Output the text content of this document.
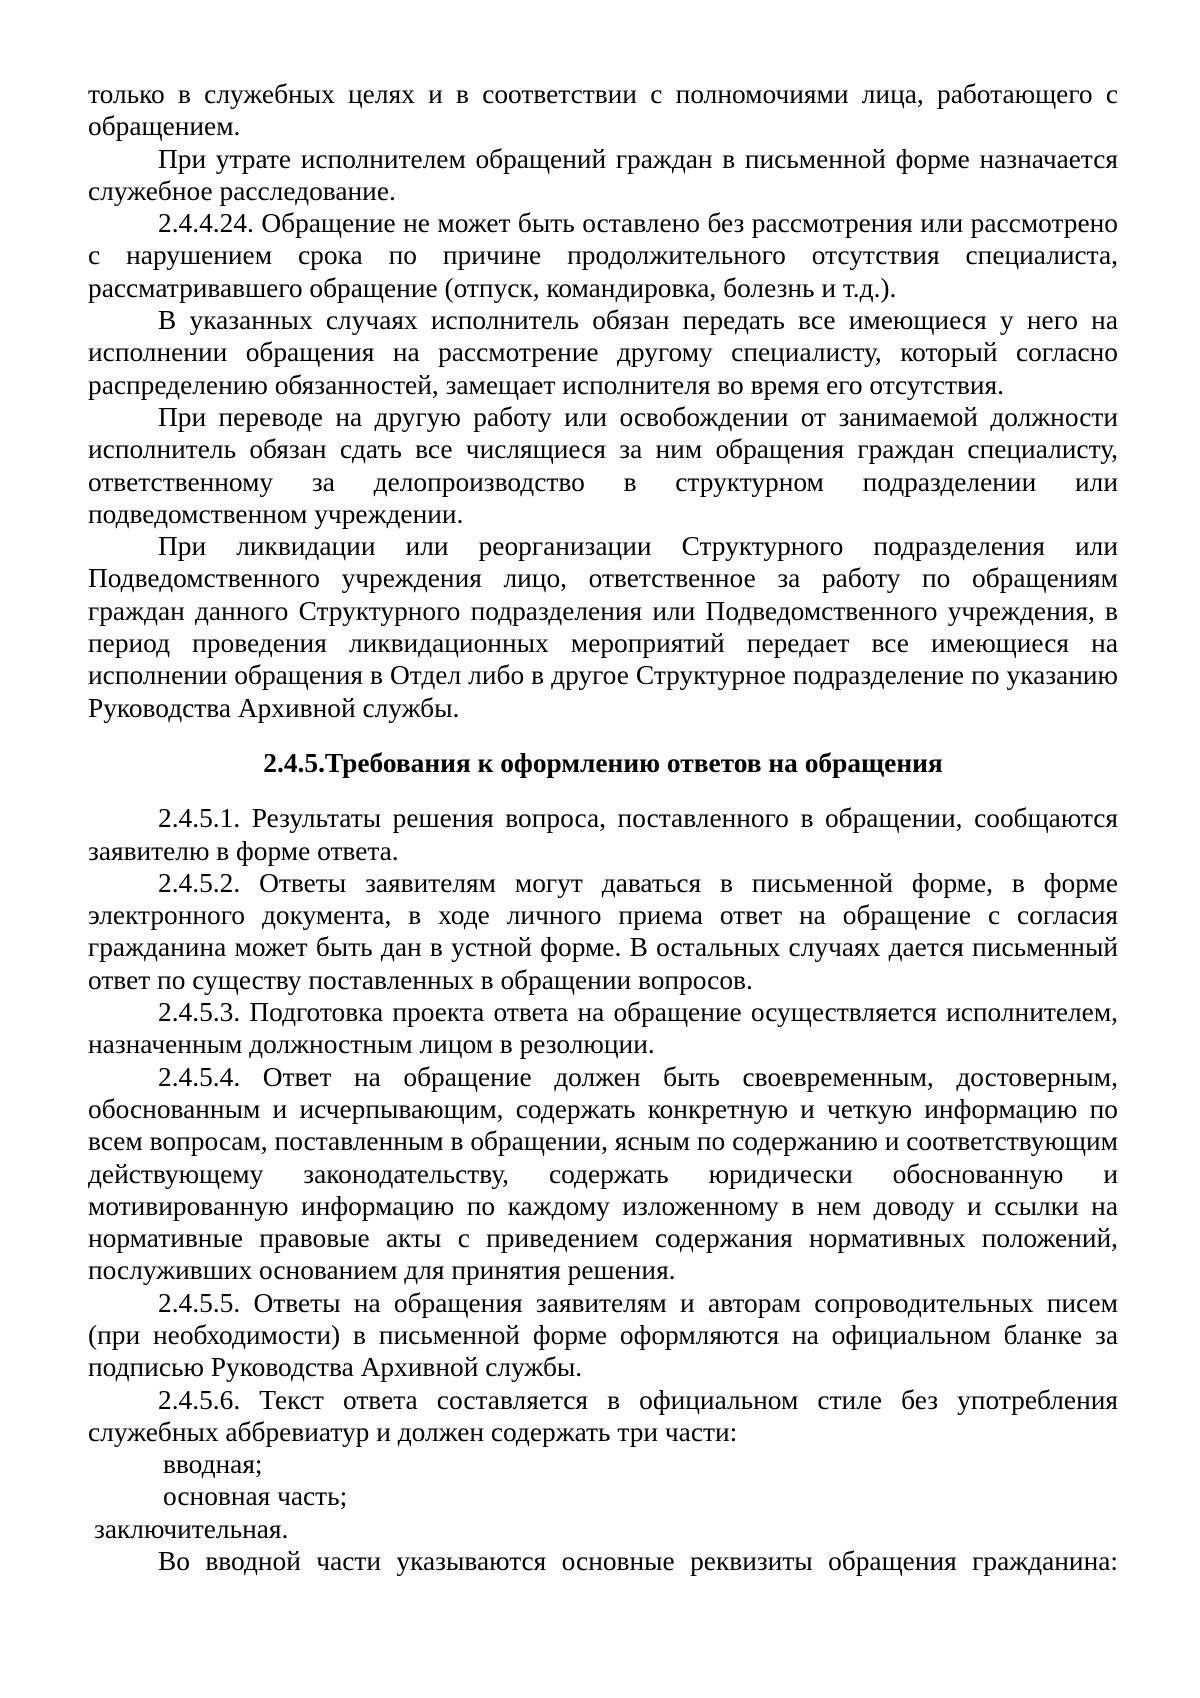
только в служебных целях и в соответствии с полномочиями лица, работающего с обращением.

При утрате исполнителем обращений граждан в письменной форме назначается служебное расследование.

2.4.4.24. Обращение не может быть оставлено без рассмотрения или рассмотрено с нарушением срока по причине продолжительного отсутствия специалиста, рассматривавшего обращение (отпуск, командировка, болезнь и т.д.).

В указанных случаях исполнитель обязан передать все имеющиеся у него на исполнении обращения на рассмотрение другому специалисту, который согласно распределению обязанностей, замещает исполнителя во время его отсутствия.

При переводе на другую работу или освобождении от занимаемой должности исполнитель обязан сдать все числящиеся за ним обращения граждан специалисту, ответственному за делопроизводство в структурном подразделении или подведомственном учреждении.

При ликвидации или реорганизации Структурного подразделения или Подведомственного учреждения лицо, ответственное за работу по обращениям граждан данного Структурного подразделения или Подведомственного учреждения, в период проведения ликвидационных мероприятий передает все имеющиеся на исполнении обращения в Отдел либо в другое Структурное подразделение по указанию Руководства Архивной службы.

2.4.5.Требования к оформлению ответов на обращения

2.4.5.1. Результаты решения вопроса, поставленного в обращении, сообщаются заявителю в форме ответа.

2.4.5.2. Ответы заявителям могут даваться в письменной форме, в форме электронного документа, в ходе личного приема ответ на обращение с согласия гражданина может быть дан в устной форме. В остальных случаях дается письменный ответ по существу поставленных в обращении вопросов.

2.4.5.3. Подготовка проекта ответа на обращение осуществляется исполнителем, назначенным должностным лицом в резолюции.

2.4.5.4. Ответ на обращение должен быть своевременным, достоверным, обоснованным и исчерпывающим, содержать конкретную и четкую информацию по всем вопросам, поставленным в обращении, ясным по содержанию и соответствующим действующему законодательству, содержать юридически обоснованную и мотивированную информацию по каждому изложенному в нем доводу и ссылки на нормативные правовые акты с приведением содержания нормативных положений, послуживших основанием для принятия решения.

2.4.5.5. Ответы на обращения заявителям и авторам сопроводительных писем (при необходимости) в письменной форме оформляются на официальном бланке за подписью Руководства Архивной службы.

2.4.5.6. Текст ответа составляется в официальном стиле без употребления служебных аббревиатур и должен содержать три части:

вводная;

основная часть;

заключительная.

Во вводной части указываются основные реквизиты обращения гражданина:
